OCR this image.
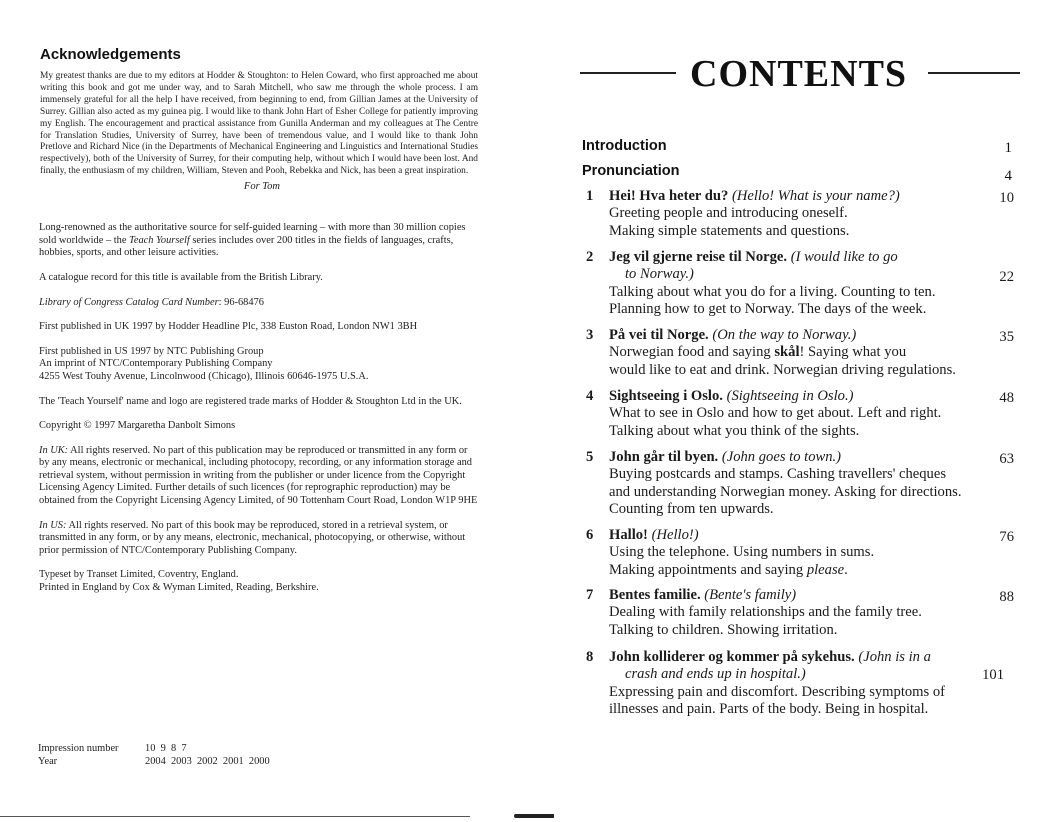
Acknowledgements

My greatest thanks are due to my editors at Hodder & Stoughton: to Helen Coward, who first approached me about writing this book and got me under way, and to Sarah Mitchell, who saw me through the whole process. I am immensely grateful for all the help I have received, from beginning to end, from Gillian James at the University of Surrey. Gillian also acted as my guinea pig. I would like to thank John Hart of Esher College for patiently improving my English. The encouragement and practical assistance from Gunilla Anderman and my colleagues at The Centre for Translation Studies, University of Surrey, have been of tremendous value, and I would like to thank John Pretlove and Richard Nice (in the Departments of Mechanical Engineering and Linguistics and International Studies respectively), both of the University of Surrey, for their computing help, without which I would have been lost. And finally, the enthusiasm of my children, William, Steven and Pooh, Rebekka and Nick, has been a great inspiration.

For Tom

Long-renowned as the authoritative source for self-guided learning – with more than 30 million copies sold worldwide – the Teach Yourself series includes over 200 titles in the fields of languages, crafts, hobbies, sports, and other leisure activities.

A catalogue record for this title is available from the British Library.

Library of Congress Catalog Card Number: 96-68476

First published in UK 1997 by Hodder Headline Plc, 338 Euston Road, London NW1 3BH

First published in US 1997 by NTC Publishing Group
An imprint of NTC/Contemporary Publishing Company
4255 West Touhy Avenue, Lincolnwood (Chicago), Illinois 60646-1975 U.S.A.

The 'Teach Yourself' name and logo are registered trade marks of Hodder & Stoughton Ltd in the UK.

Copyright © 1997 Margaretha Danbolt Simons

In UK: All rights reserved. No part of this publication may be reproduced or transmitted in any form or by any means, electronic or mechanical, including photocopy, recording, or any information storage and retrieval system, without permission in writing from the publisher or under licence from the Copyright Licensing Agency Limited. Further details of such licences (for reprographic reproduction) may be obtained from the Copyright Licensing Agency Limited, of 90 Tottenham Court Road, London W1P 9HE

In US: All rights reserved. No part of this book may be reproduced, stored in a retrieval system, or transmitted in any form, or by any means, electronic, mechanical, photocopying, or otherwise, without prior permission of NTC/Contemporary Publishing Company.

Typeset by Transet Limited, Coventry, England.
Printed in England by Cox & Wyman Limited, Reading, Berkshire.

Impression number	10  9  8  7
Year	2004  2003  2002  2001  2000
CONTENTS
Introduction	1
Pronunciation	4
1 Hei! Hva heter du? (Hello! What is your name?)	10
Greeting people and introducing oneself.
Making simple statements and questions.
2 Jeg vil gjerne reise til Norge. (I would like to go
to Norway.)	22
Talking about what you do for a living. Counting to ten.
Planning how to get to Norway. The days of the week.
3 På vei til Norge. (On the way to Norway.)	35
Norwegian food and saying skål! Saying what you
would like to eat and drink. Norwegian driving regulations.
4 Sightseeing i Oslo. (Sightseeing in Oslo.)	48
What to see in Oslo and how to get about. Left and right.
Talking about what you think of the sights.
5 John går til byen. (John goes to town.)	63
Buying postcards and stamps. Cashing travellers' cheques
and understanding Norwegian money. Asking for directions.
Counting from ten upwards.
6 Hallo! (Hello!)	76
Using the telephone. Using numbers in sums.
Making appointments and saying please.
7 Bentes familie. (Bente's family)	88
Dealing with family relationships and the family tree.
Talking to children. Showing irritation.
8 John kolliderer og kommer på sykehus. (John is in a
crash and ends up in hospital.)	101
Expressing pain and discomfort. Describing symptoms of
illnesses and pain. Parts of the body. Being in hospital.
